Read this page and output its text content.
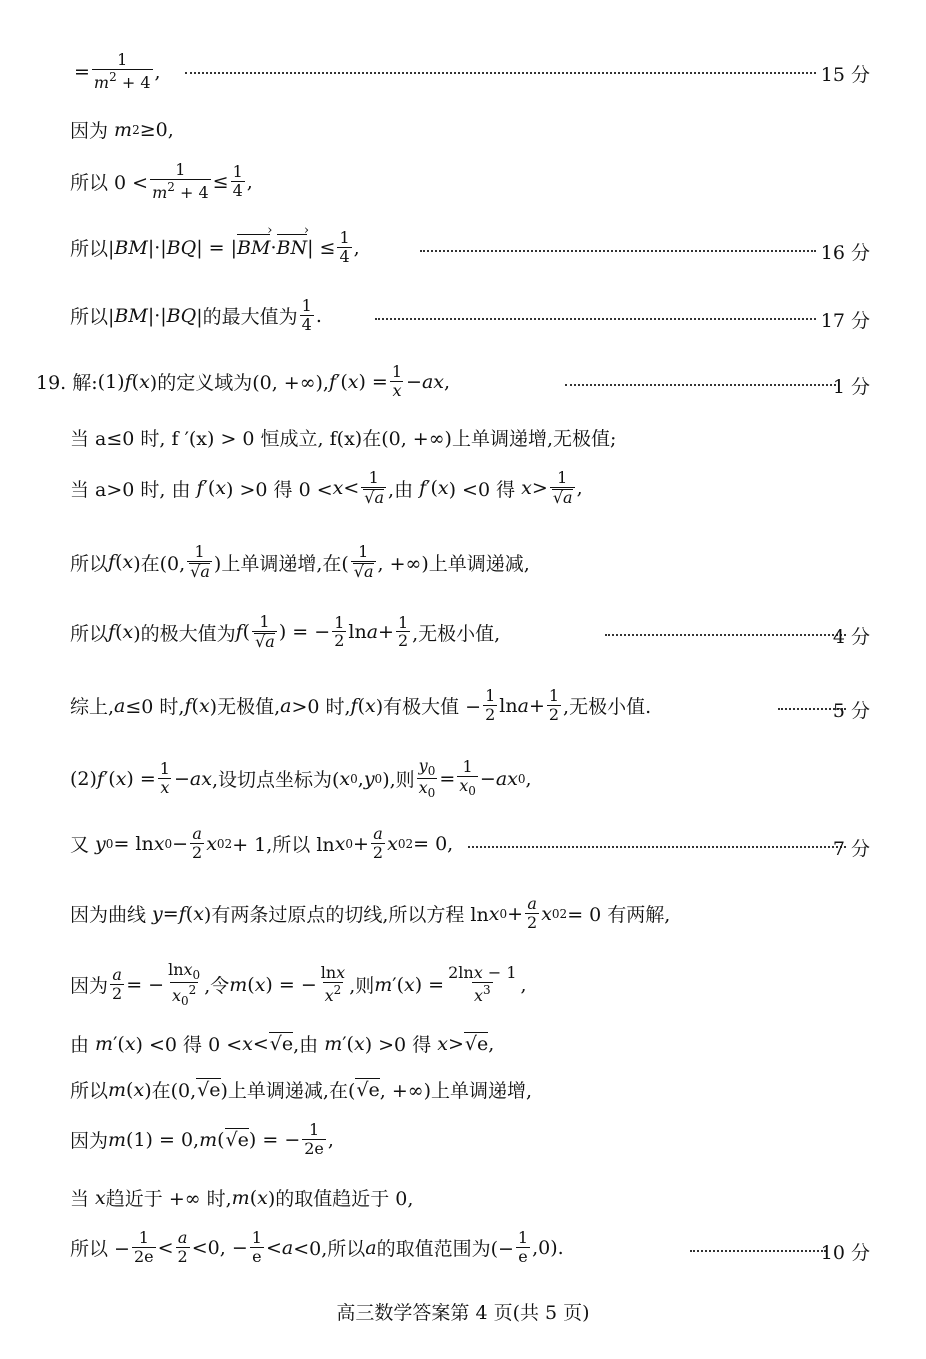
= $\frac{1}{m^2 + 4}$ ,	15 分
因为 m 2 ≥0,
所以 $0 < \frac{1}{m^2 + 4} \le \frac{1}{4}$ ,
所以| BM |·| BQ | = | BM › · BN › | ≤ $\frac{1}{4}$ ,	16 分
所以| BM |·| BQ |的最大值为 $\frac{1}{4}$ .	17 分
19. 解: (1) f ( x )的定义域为(0, +∞), f ′( x ) = $\frac{1}{x}$ − ax ,	1 分
当 a≤0 时, f ′(x) > 0 恒成立, f(x)在(0, +∞)上单调递增,无极值;
当 a>0 时 , 由 f ′( x ) >0 得 0 < x < 1
√ a ,由 f ′( x ) <0 得 x > 1
√ a ,
所以 f ( x )在(0, 1
√ a )上单调递增,在( 1
√ a , +∞)上单调递减,
所以 f ( x )的极大值为 f ( 1
√ a ) = − $\frac{1}{2}$ $\ln a + \frac{1}{2}$ ,无极小值,	4 分
综上, a ≤0 时, f ( x )无极值, a >0 时, f ( x )有极大值 − $\frac{1}{2}$ $\ln a + \frac{1}{2}$ ,无极小值.	5 分
(2) f ′( x ) = $\frac{1}{x}$ − ax ,设切点坐标为( x 0 , y 0 ),则 $\frac{y_0}{x_0} = \frac{1}{x_0}$ − ax 0 ,
又 y 0 = ln x $0 - \frac{a}{2}$ x 0 2 + 1,所以 ln x $0 + \frac{a}{2}$ x 0 2 = 0,	7 分
因为曲线 y = f ( x )有两条过原点的切线,所以方程 ln x $0 + \frac{a}{2}$ x 0 2 = 0 有两解,
因为 $\frac{a}{2}$ = − $\frac{\ln x_0}{x_0^2}$ ,令 m ( x ) = − $\frac{\ln x}{x^2}$ ,则 m ′( x ) = $\frac{2\ln x - 1}{x^3}$ ,
由 m ′( x ) <0 得 0 < x < √ e ,由 m ′( x ) >0 得 x > √ e ,
所以 m ( x )在(0, √ e )上单调递减,在( √ e , +∞)上单调递增,
因为 m (1) = 0, m ( √ e ) = − $\frac{1}{2e}$ ,
当 x 趋近于 +∞ 时, m ( x )的取值趋近于 0,
所以 − $\frac{1}{2e} < \frac{a}{2} <0$, − $\frac{1}{e} < a <0$,所以 a 的取值范围为(− $\frac{1}{e} ,0$).	10 分
高三数学答案第 4 页(共 5 页)
